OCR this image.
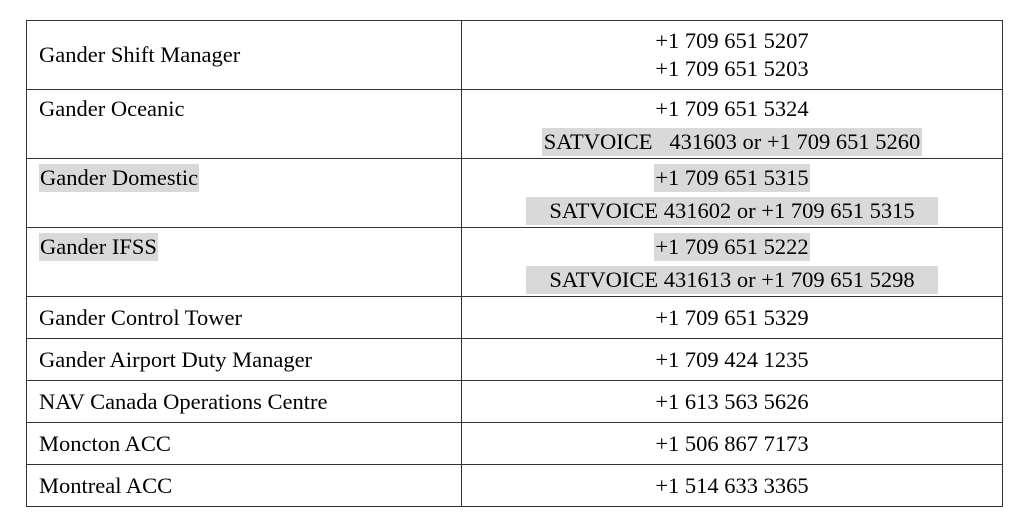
Gander Shift Manager	+1 709 651 5207
+1 709 651 5203

Gander Oceanic	+1 709 651 5324
SATVOICE   431603 or +1 709 651 5260

Gander Domestic	+1 709 651 5315
SATVOICE 431602 or +1 709 651 5315

Gander IFSS	+1 709 651 5222
SATVOICE 431613 or +1 709 651 5298

Gander Control Tower	+1 709 651 5329
Gander Airport Duty Manager	+1 709 424 1235
NAV Canada Operations Centre	+1 613 563 5626
Moncton ACC	+1 506 867 7173
Montreal ACC	+1 514 633 3365
